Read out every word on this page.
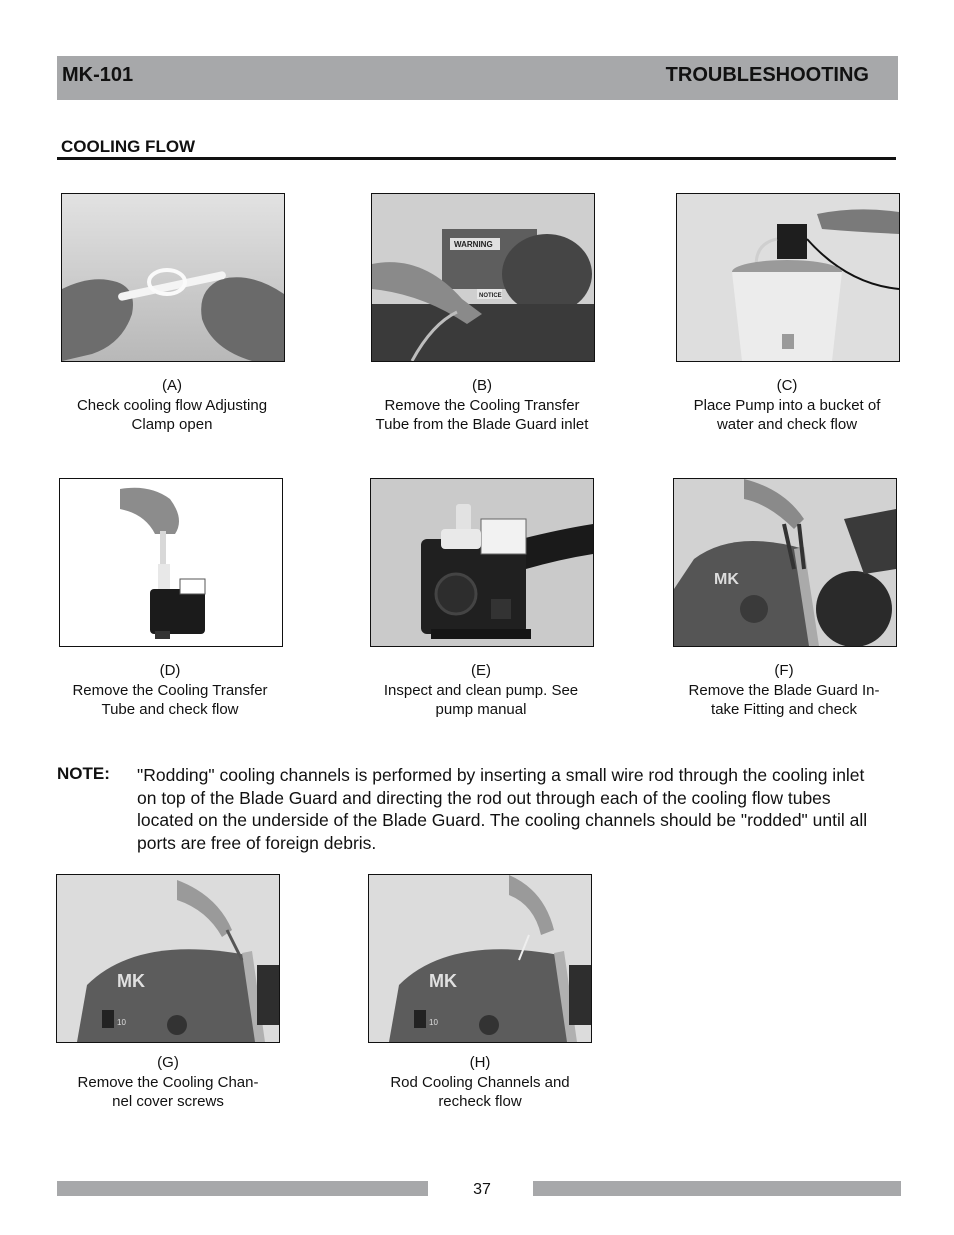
MK-101	TROUBLESHOOTING
COOLING FLOW
(A)
Check cooling flow Adjusting
Clamp open
WARNING
NOTICE
(B)
Remove the Cooling Transfer
Tube from the Blade Guard inlet
(C)
Place Pump into a bucket of
water and check flow
(D)
Remove the Cooling Transfer
Tube and check flow
(E)
Inspect and clean pump. See
pump manual
MK
(F)
Remove the Blade Guard In-
take Fitting and check
NOTE: "Rodding" cooling channels is performed by inserting a small wire rod through the cooling inlet on top of the Blade Guard and directing the rod out through each of the cooling flow tubes located on the underside of the Blade Guard. The cooling channels should be "rodded" until all ports are free of foreign debris.
MK
10
(G)
Remove the Cooling Chan-
nel cover screws
MK
10
(H)
Rod Cooling Channels and
recheck flow
37
